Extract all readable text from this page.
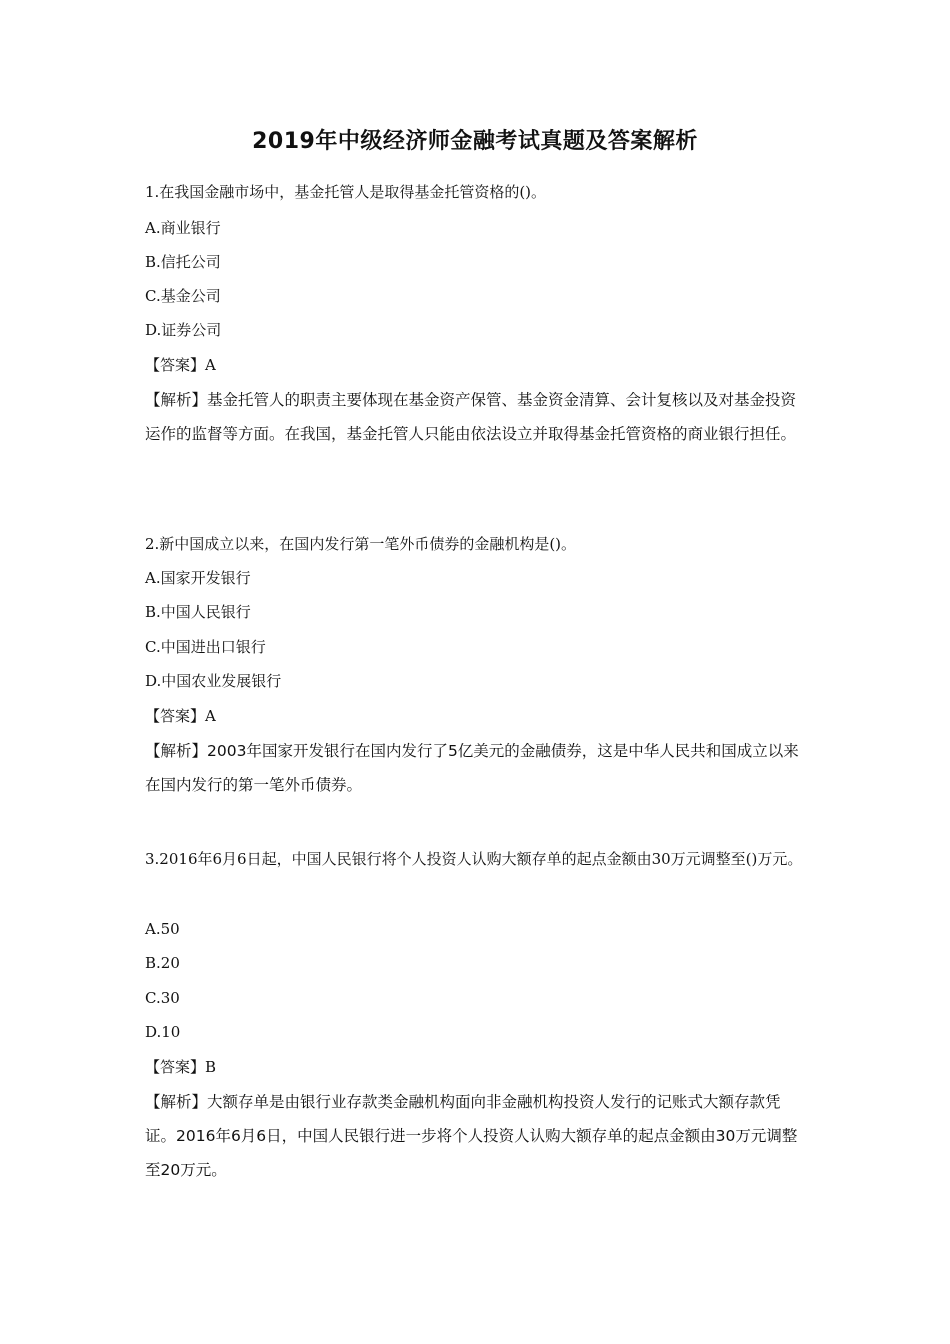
2019年中级经济师金融考试真题及答案解析
1.在我国金融市场中，基金托管人是取得基金托管资格的()。
A.商业银行
B.信托公司
C.基金公司
D.证券公司
【答案】A
【解析】基金托管人的职责主要体现在基金资产保管、基金资金清算、会计复核以及对基金投资运作的监督等方面。在我国，基金托管人只能由依法设立并取得基金托管资格的商业银行担任。
2.新中国成立以来，在国内发行第一笔外币债券的金融机构是()。
A.国家开发银行
B.中国人民银行
C.中国进出口银行
D.中国农业发展银行
【答案】A
【解析】2003年国家开发银行在国内发行了5亿美元的金融债券，这是中华人民共和国成立以来在国内发行的第一笔外币债券。
3.2016年6月6日起，中国人民银行将个人投资人认购大额存单的起点金额由30万元调整至()万元。
A.50
B.20
C.30
D.10
【答案】B
【解析】大额存单是由银行业存款类金融机构面向非金融机构投资人发行的记账式大额存款凭证。2016年6月6日，中国人民银行进一步将个人投资人认购大额存单的起点金额由30万元调整至20万元。
